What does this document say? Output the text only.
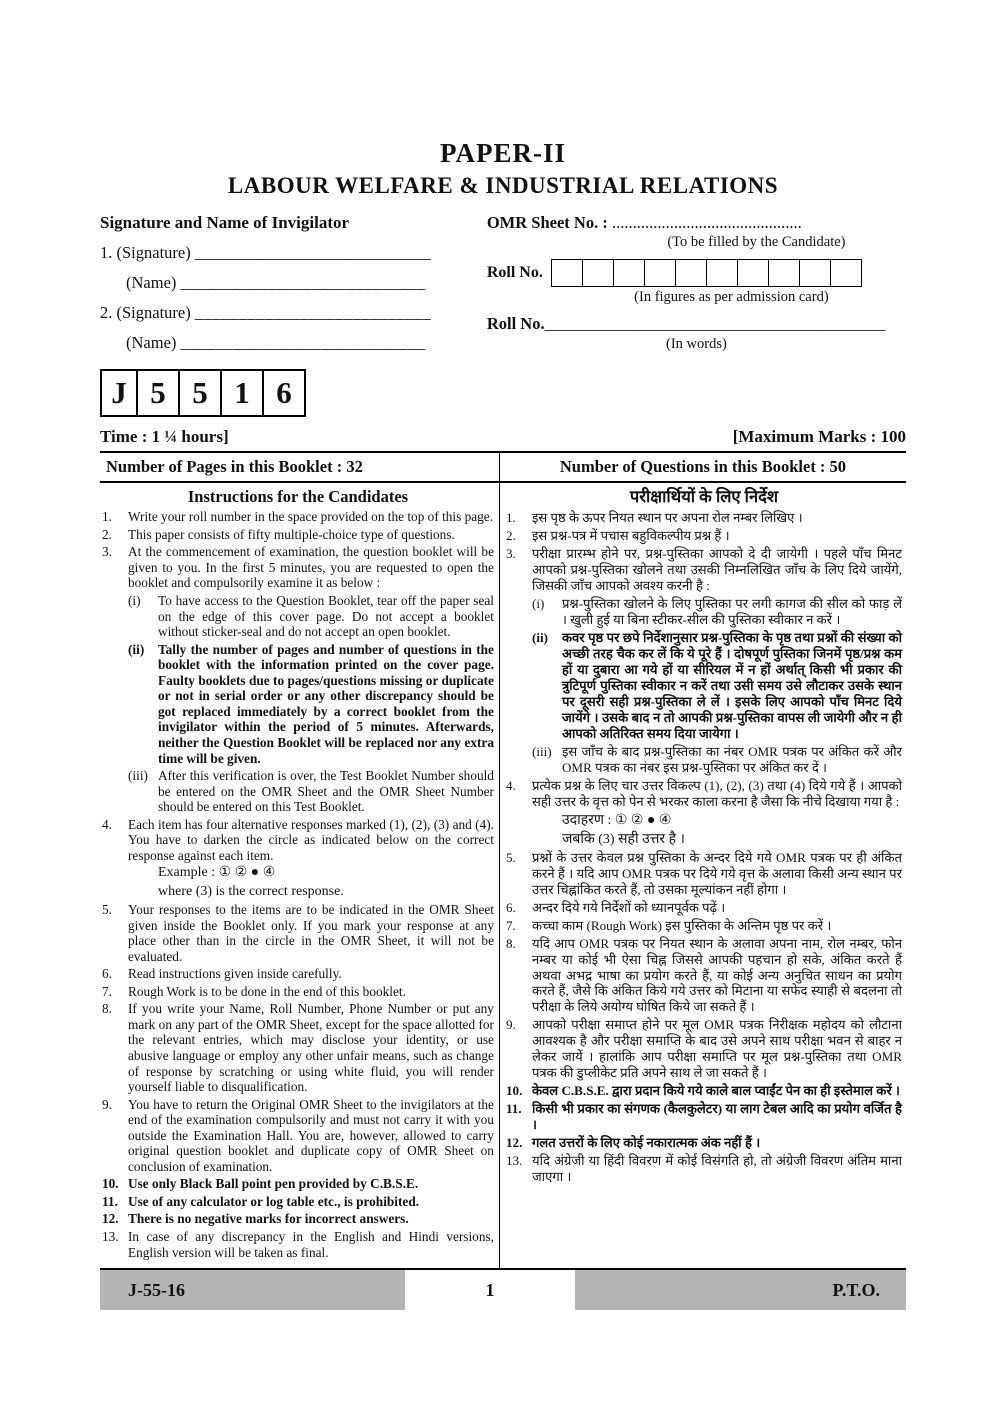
PAPER-II
LABOUR WELFARE & INDUSTRIAL RELATIONS
Signature and Name of Invigilator
1. (Signature) ___________________________
(Name) ____________________________
2. (Signature) ___________________________
(Name) ____________________________
J	5	5	1	6
OMR Sheet No. : ..............................................
(To be filled by the Candidate)
Roll No.

(In figures as per admission card)
Roll No._______________________________________
(In words)
Time : 1 ¼ hours]	[Maximum Marks : 100
Number of Pages in this Booklet : 32	Number of Questions in this Booklet : 50
Instructions for the Candidates
1.	Write your roll number in the space provided on the top of this page.
2.	This paper consists of fifty multiple-choice type of questions.
3.	At the commencement of examination, the question booklet will be given to you. In the first 5 minutes, you are requested to open the booklet and compulsorily examine it as below :
(i)	To have access to the Question Booklet, tear off the paper seal on the edge of this cover page. Do not accept a booklet without sticker-seal and do not accept an open booklet.
(ii)	Tally the number of pages and number of questions in the booklet with the information printed on the cover page. Faulty booklets due to pages/questions missing or duplicate or not in serial order or any other discrepancy should be got replaced immediately by a correct booklet from the invigilator within the period of 5 minutes. Afterwards, neither the Question Booklet will be replaced nor any extra time will be given.
(iii) After this verification is over, the Test Booklet Number should be entered on the OMR Sheet and the OMR Sheet Number should be entered on this Test Booklet.
4.	Each item has four alternative responses marked (1), (2), (3) and (4). You have to darken the circle as indicated below on the correct response against each item.
Example : ① ② ● ④
where (3) is the correct response.
5.	Your responses to the items are to be indicated in the OMR Sheet given inside the Booklet only. If you mark your response at any place other than in the circle in the OMR Sheet, it will not be evaluated.
6.	Read instructions given inside carefully.
7.	Rough Work is to be done in the end of this booklet.
8.	If you write your Name, Roll Number, Phone Number or put any mark on any part of the OMR Sheet, except for the space allotted for the relevant entries, which may disclose your identity, or use abusive language or employ any other unfair means, such as change of response by scratching or using white fluid, you will render yourself liable to disqualification.
9.	You have to return the Original OMR Sheet to the invigilators at the end of the examination compulsorily and must not carry it with you outside the Examination Hall. You are, however, allowed to carry original question booklet and duplicate copy of OMR Sheet on conclusion of examination.
10. Use only Black Ball point pen provided by C.B.S.E.
11. Use of any calculator or log table etc., is prohibited.
12. There is no negative marks for incorrect answers.
13. In case of any discrepancy in the English and Hindi versions, English version will be taken as final.
परीक्षार्थियों के लिए निर्देश
1.	इस पृष्ठ के ऊपर नियत स्थान पर अपना रोल नम्बर लिखिए ।
2.	इस प्रश्न-पत्र में पचास बहुविकल्पीय प्रश्न हैं ।
3.	परीक्षा प्रारम्भ होने पर, प्रश्न-पुस्तिका आपको दे दी जायेगी । पहले पाँच मिनट आपको प्रश्न-पुस्तिका खोलने तथा उसकी निम्नलिखित जाँच के लिए दिये जायेंगे, जिसकी जाँच आपको अवश्य करनी है :
(i)	प्रश्न-पुस्तिका खोलने के लिए पुस्तिका पर लगी कागज की सील को फाड़ लें । खुली हुई या बिना स्टीकर-सील की पुस्तिका स्वीकार न करें ।
(ii)	कवर पृष्ठ पर छपे निर्देशानुसार प्रश्न-पुस्तिका के पृष्ठ तथा प्रश्नों की संख्या को अच्छी तरह चैक कर लें कि ये पूरे हैं । दोषपूर्ण पुस्तिका जिनमें पृष्ठ/प्रश्न कम हों या दुबारा आ गये हों या सीरियल में न हों अर्थात् किसी भी प्रकार की त्रुटिपूर्ण पुस्तिका स्वीकार न करें तथा उसी समय उसे लौटाकर उसके स्थान पर दूसरी सही प्रश्न-पुस्तिका ले लें । इसके लिए आपको पाँच मिनट दिये जायेंगे । उसके बाद न तो आपकी प्रश्न-पुस्तिका वापस ली जायेगी और न ही आपको अतिरिक्त समय दिया जायेगा ।
(iii) इस जाँच के बाद प्रश्न-पुस्तिका का नंबर OMR पत्रक पर अंकित करें और OMR पत्रक का नंबर इस प्रश्न-पुस्तिका पर अंकित कर दें ।
4.	प्रत्येक प्रश्न के लिए चार उत्तर विकल्प (1), (2), (3) तथा (4) दिये गये हैं । आपको सही उत्तर के वृत्त को पेन से भरकर काला करना है जैसा कि नीचे दिखाया गया है :
उदाहरण : ① ② ● ④
जबकि (3) सही उत्तर है ।
5.	प्रश्नों के उत्तर केवल प्रश्न पुस्तिका के अन्दर दिये गये OMR पत्रक पर ही अंकित करने हैं । यदि आप OMR पत्रक पर दिये गये वृत्त के अलावा किसी अन्य स्थान पर उत्तर चिह्नांकित करते हैं, तो उसका मूल्यांकन नहीं होगा ।
6.	अन्दर दिये गये निर्देशों को ध्यानपूर्वक पढ़ें ।
7.	कच्चा काम (Rough Work) इस पुस्तिका के अन्तिम पृष्ठ पर करें ।
8.	यदि आप OMR पत्रक पर नियत स्थान के अलावा अपना नाम, रोल नम्बर, फोन नम्बर या कोई भी ऐसा चिह्न जिससे आपकी पहचान हो सके, अंकित करते हैं अथवा अभद्र भाषा का प्रयोग करते हैं, या कोई अन्य अनुचित साधन का प्रयोग करते हैं, जैसे कि अंकित किये गये उत्तर को मिटाना या सफेद स्याही से बदलना तो परीक्षा के लिये अयोग्य घोषित किये जा सकते हैं ।
9.	आपको परीक्षा समाप्त होने पर मूल OMR पत्रक निरीक्षक महोदय को लौटाना आवश्यक है और परीक्षा समाप्ति के बाद उसे अपने साथ परीक्षा भवन से बाहर न लेकर जायें । हालांकि आप परीक्षा समाप्ति पर मूल प्रश्न-पुस्तिका तथा OMR पत्रक की डुप्लीकेट प्रति अपने साथ ले जा सकते हैं ।
10. केवल C.B.S.E. द्वारा प्रदान किये गये काले बाल प्वाईंट पेन का ही इस्तेमाल करें ।
11. किसी भी प्रकार का संगणक (कैलकुलेटर) या लाग टेबल आदि का प्रयोग वर्जित है ।
12. गलत उत्तरों के लिए कोई नकारात्मक अंक नहीं हैं ।
13. यदि अंग्रेजी या हिंदी विवरण में कोई विसंगति हो, तो अंग्रेजी विवरण अंतिम माना जाएगा ।
J-55-16	1	P.T.O.
